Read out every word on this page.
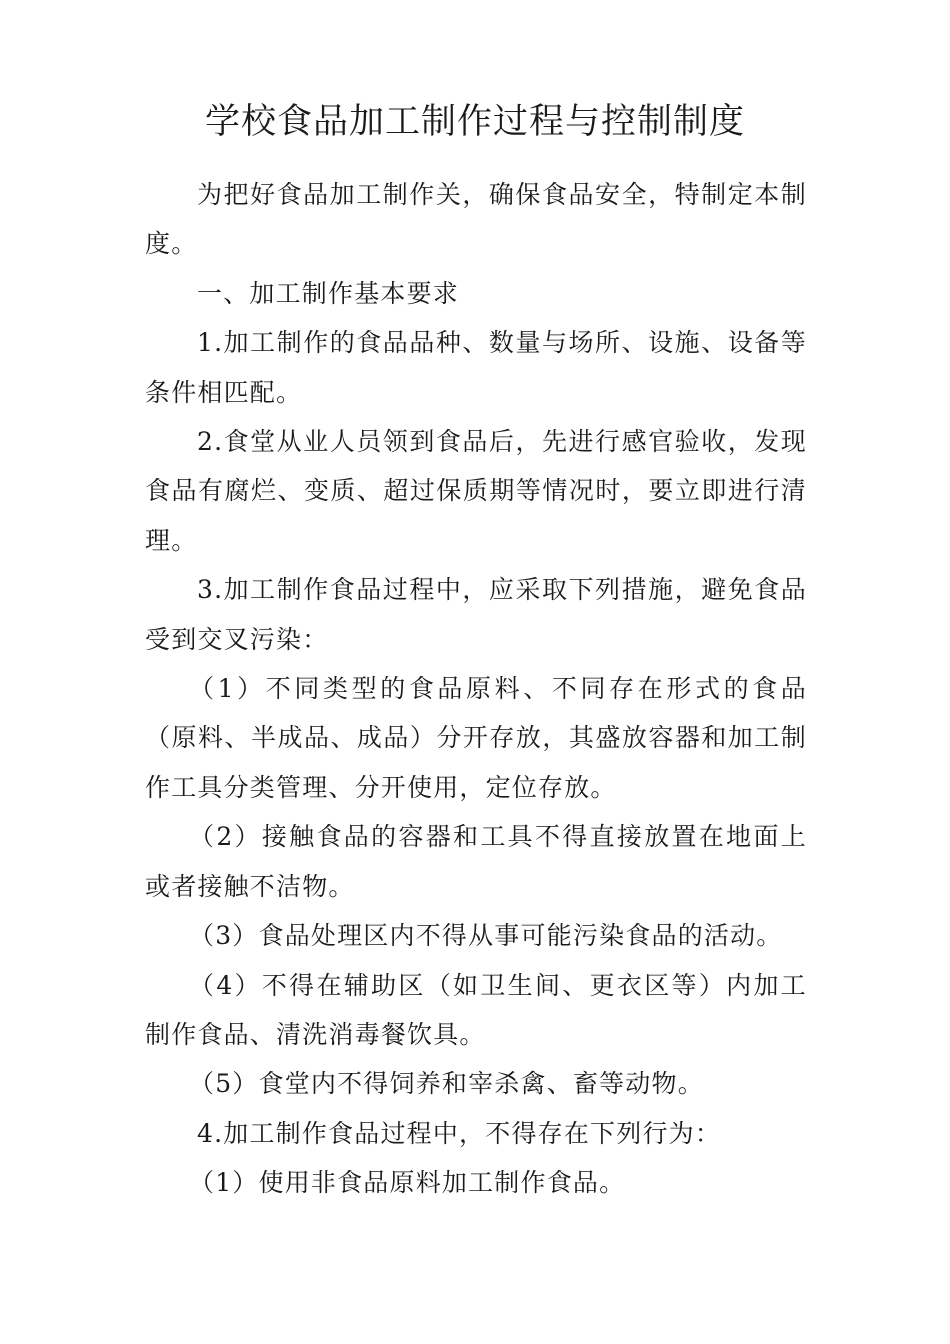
学校食品加工制作过程与控制制度

为把好食品加工制作关，确保食品安全，特制定本制度。

一、加工制作基本要求

1.加工制作的食品品种、数量与场所、设施、设备等条件相匹配。

2.食堂从业人员领到食品后，先进行感官验收，发现食品有腐烂、变质、超过保质期等情况时，要立即进行清理。

3.加工制作食品过程中，应采取下列措施，避免食品受到交叉污染：

（1）不同类型的食品原料、不同存在形式的食品（原料、半成品、成品）分开存放，其盛放容器和加工制作工具分类管理、分开使用，定位存放。

（2）接触食品的容器和工具不得直接放置在地面上或者接触不洁物。

（3）食品处理区内不得从事可能污染食品的活动。

（4）不得在辅助区（如卫生间、更衣区等）内加工制作食品、清洗消毒餐饮具。

（5）食堂内不得饲养和宰杀禽、畜等动物。

4.加工制作食品过程中，不得存在下列行为：

（1）使用非食品原料加工制作食品。
